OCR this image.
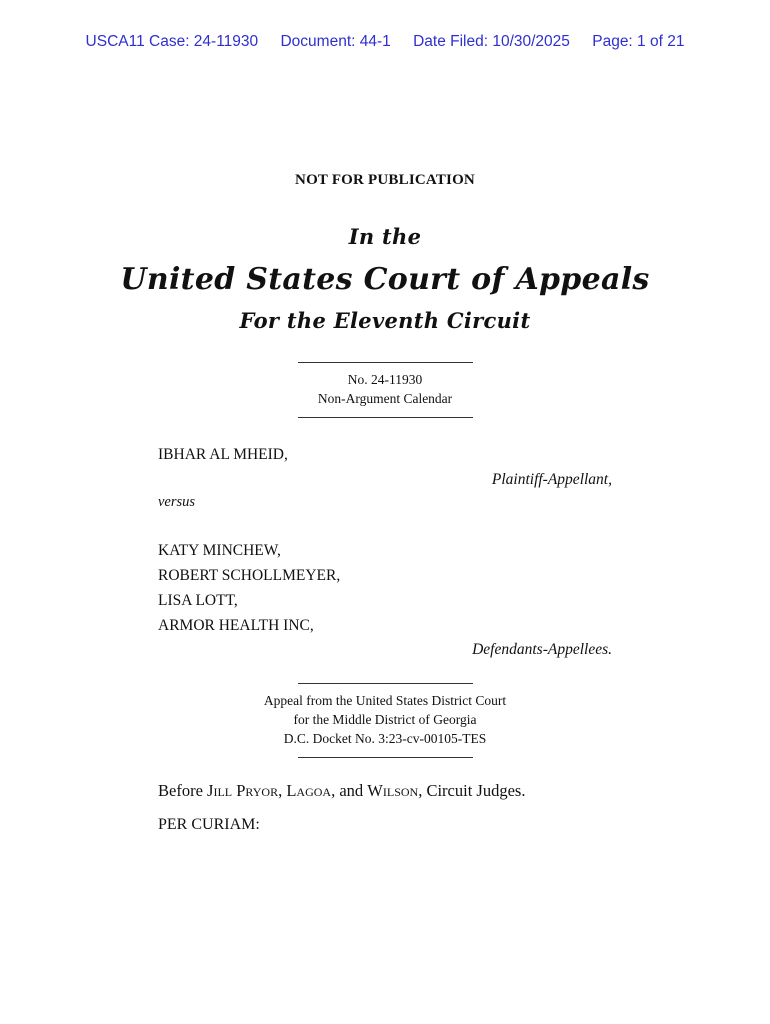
USCA11 Case: 24-11930 Document: 44-1 Date Filed: 10/30/2025 Page: 1 of 21
NOT FOR PUBLICATION
In the
United States Court of Appeals
For the Eleventh Circuit
No. 24-11930
Non-Argument Calendar
IBHAR AL MHEID,
Plaintiff-Appellant,
versus
KATY MINCHEW,
ROBERT SCHOLLMEYER,
LISA LOTT,
ARMOR HEALTH INC,
Defendants-Appellees.
Appeal from the United States District Court
for the Middle District of Georgia
D.C. Docket No. 3:23-cv-00105-TES
Before Jill Pryor, Lagoa, and Wilson, Circuit Judges.
PER CURIAM:
